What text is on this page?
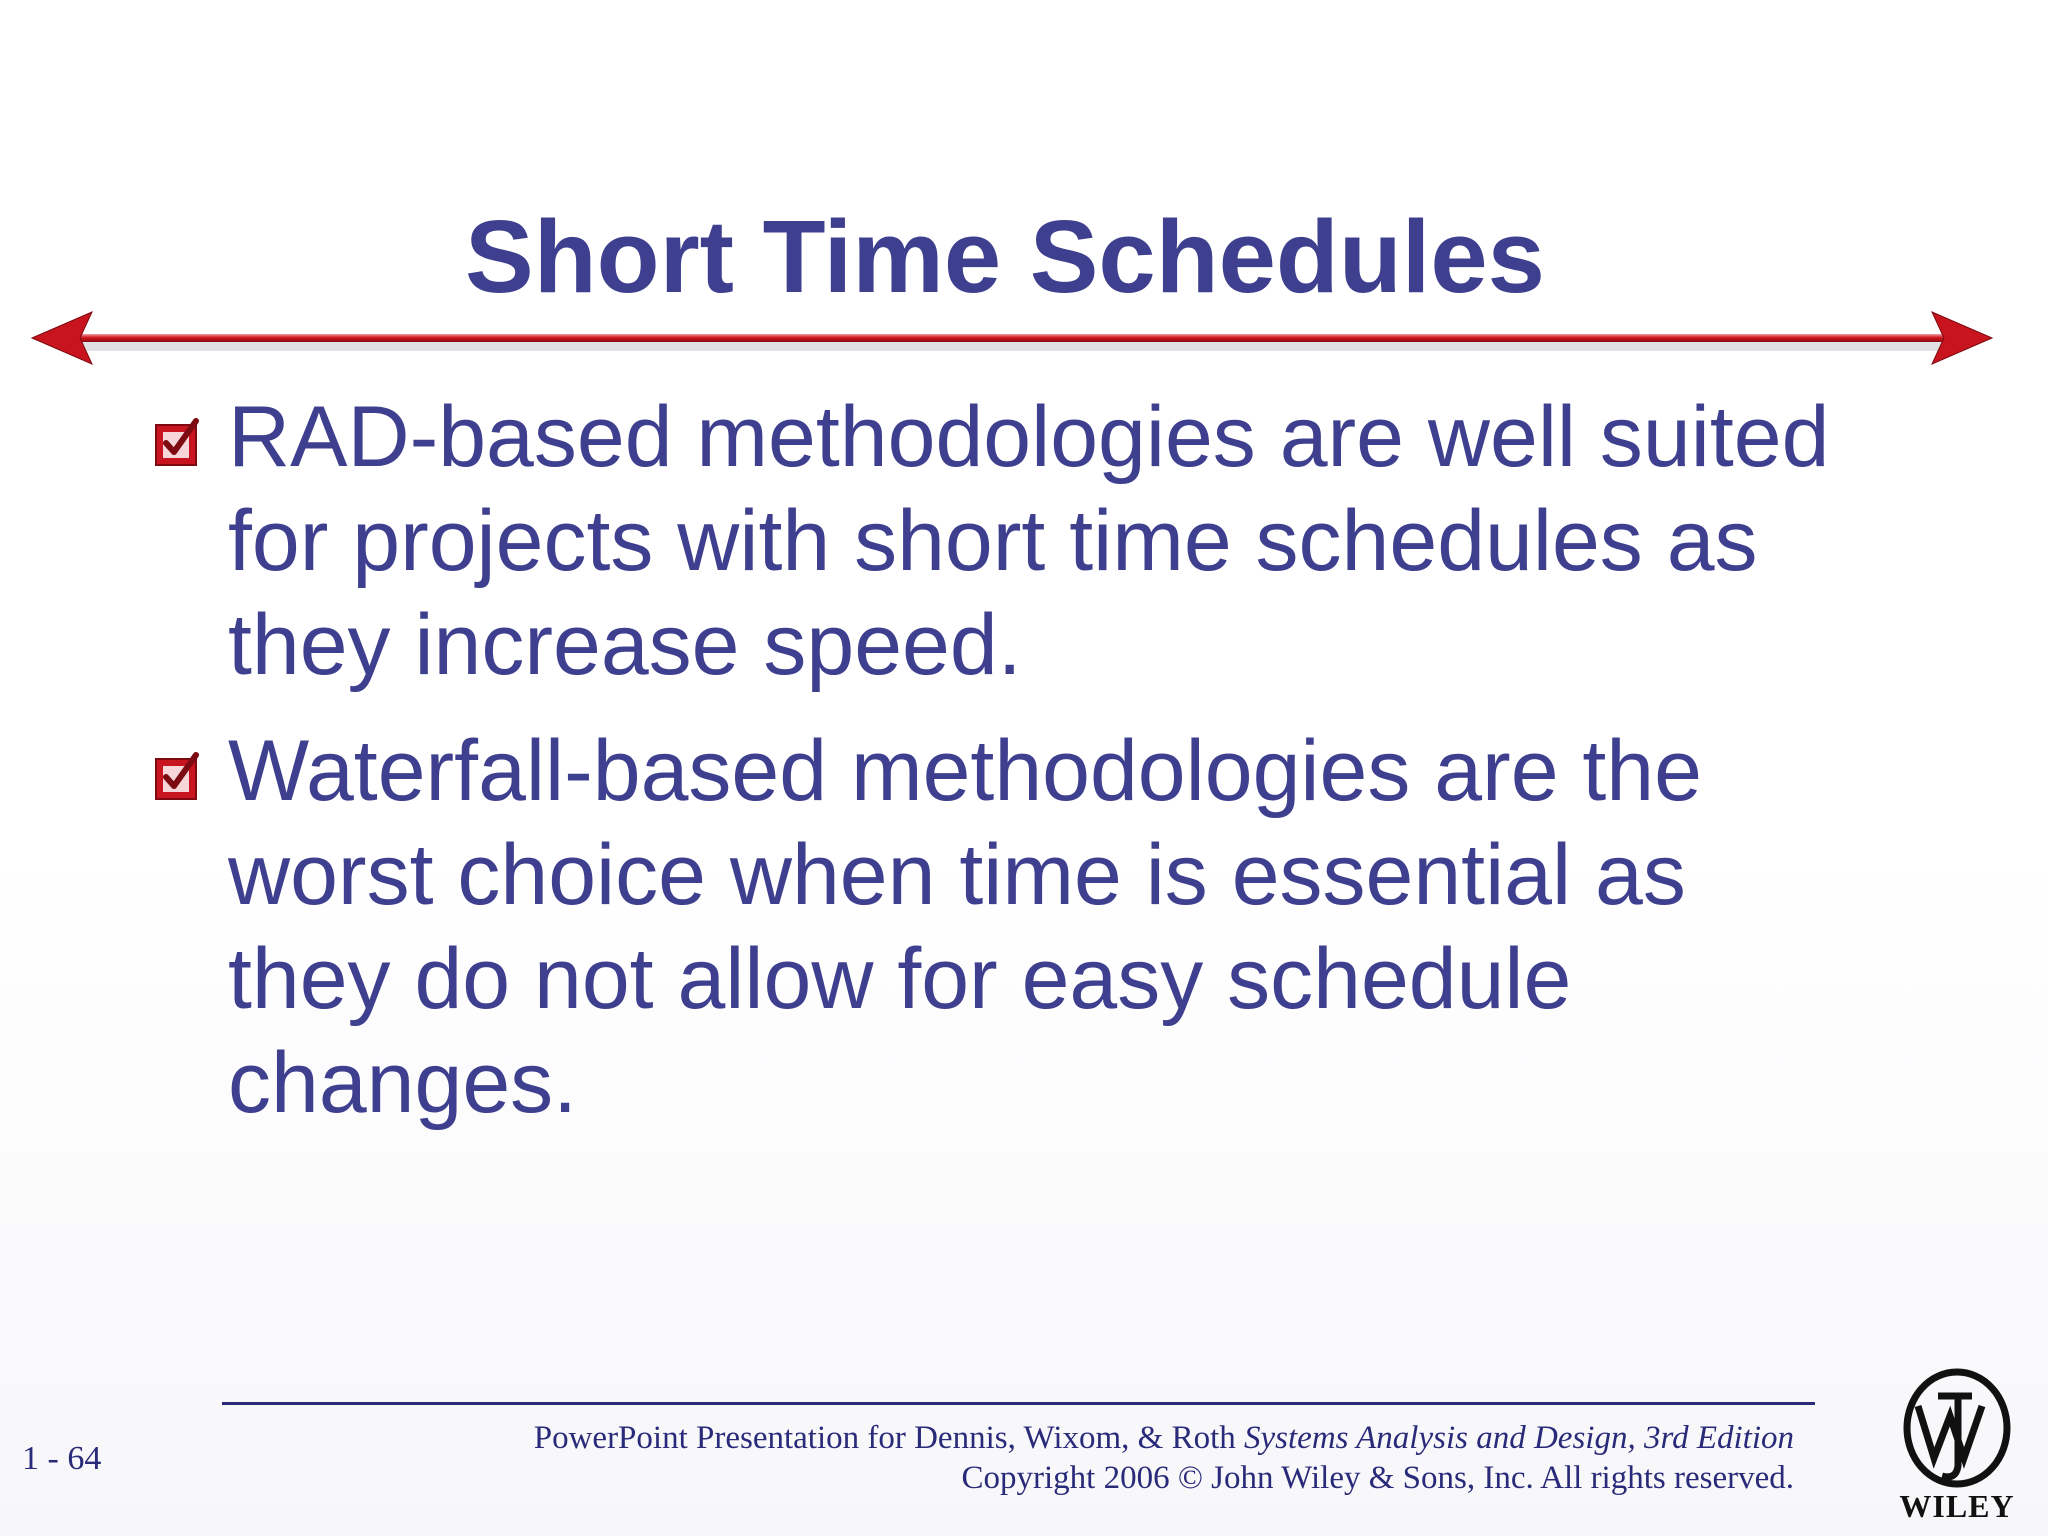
Short Time Schedules
RAD-based methodologies are well suited for projects with short time schedules as they increase speed.
Waterfall-based methodologies are the worst choice when time is essential as they do not allow for easy schedule changes.
1 - 64
PowerPoint Presentation for Dennis, Wixom, & Roth Systems Analysis and Design, 3rd Edition
Copyright 2006 © John Wiley & Sons, Inc. All rights reserved.
WILEY
